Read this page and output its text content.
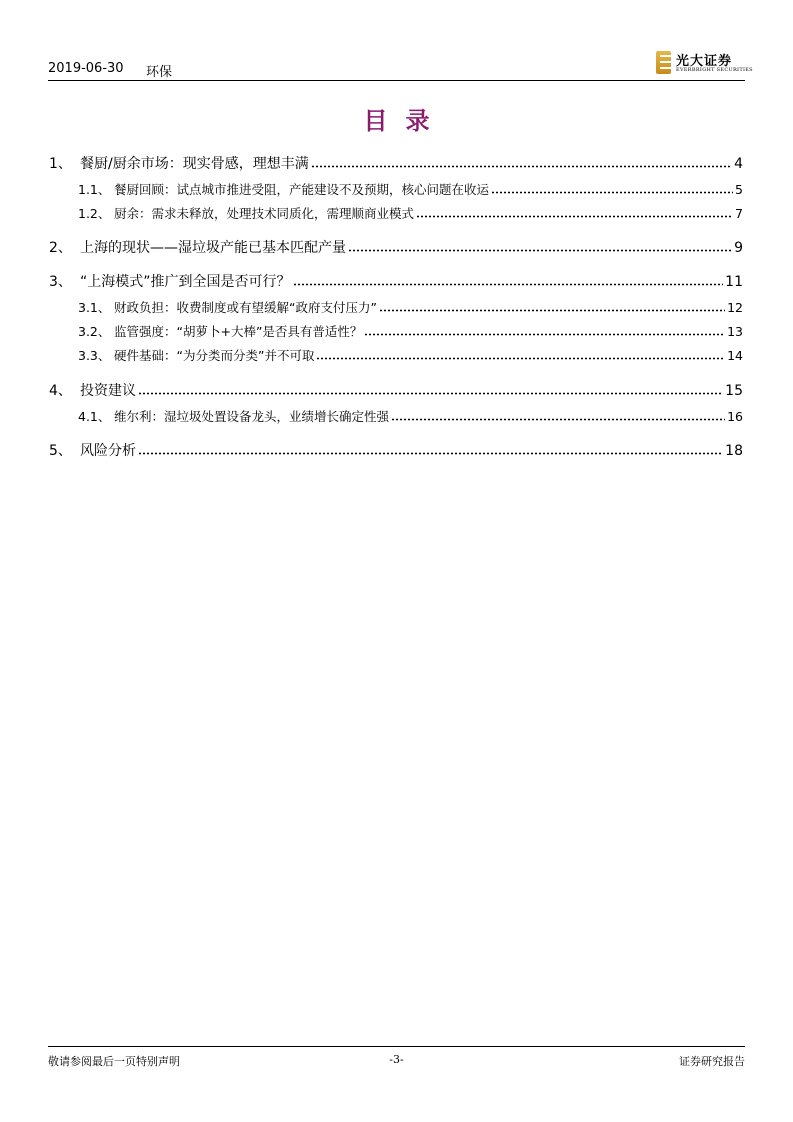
2019-06-30 环保
光大证券
EVERBRIGHT SECURITIES
目录
1、 餐厨/厨余市场：现实骨感，理想丰满	4
1.1、 餐厨回顾：试点城市推进受阻，产能建设不及预期，核心问题在收运	5
1.2、 厨余：需求未释放，处理技术同质化，需理顺商业模式	7
2、 上海的现状——湿垃圾产能已基本匹配产量	9
3、 “上海模式”推广到全国是否可行？	11
3.1、 财政负担：收费制度或有望缓解“政府支付压力”	12
3.2、 监管强度：“胡萝卜+大棒”是否具有普适性？	13
3.3、 硬件基础：“为分类而分类”并不可取	14
4、 投资建议	15
4.1、 维尔利：湿垃圾处置设备龙头，业绩增长确定性强	16
5、 风险分析	18
敬请参阅最后一页特别声明	-3-	证券研究报告
